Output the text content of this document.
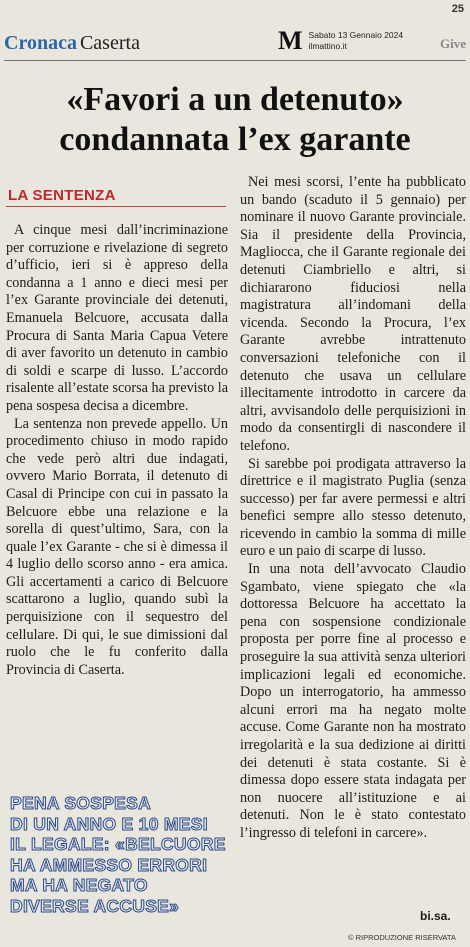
25
Give
Cronaca Caserta	M Sabato 13 Gennaio 2024
ilmattino.it
«Favori a un detenuto»
condannata l’ex garante
LA SENTENZA

A cinque mesi dall’incriminazione per corruzione e rivelazione di segreto d’ufficio, ieri si è appreso della condanna a 1 anno e dieci mesi per l’ex Garante provinciale dei detenuti, Emanuela Belcuore, accusata dalla Procura di Santa Maria Capua Vetere di aver favorito un detenuto in cambio di soldi e scarpe di lusso. L’accordo risalente all’estate scorsa ha previsto la pena sospesa decisa a dicembre.

La sentenza non prevede appello. Un procedimento chiuso in modo rapido che vede però altri due indagati, ovvero Mario Borrata, il detenuto di Casal di Principe con cui in passato la Belcuore ebbe una relazione e la sorella di quest’ultimo, Sara, con la quale l’ex Garante - che si è dimessa il 4 luglio dello scorso anno - era amica. Gli accertamenti a carico di Belcuore scattarono a luglio, quando subì la perquisizione con il sequestro del cellulare. Di qui, le sue dimissioni dal ruolo che le fu conferito dalla Provincia di Caserta.

Nei mesi scorsi, l’ente ha pubblicato un bando (scaduto il 5 gennaio) per nominare il nuovo Garante provinciale. Sia il presidente della Provincia, Magliocca, che il Garante regionale dei detenuti Ciambriello e altri, si dichiararono fiduciosi nella magistratura all’indomani della vicenda. Secondo la Procura, l’ex Garante avrebbe intrattenuto conversazioni telefoniche con il detenuto che usava un cellulare illecitamente introdotto in carcere da altri, avvisandolo delle perquisizioni in modo da consentirgli di nascondere il telefono.

Si sarebbe poi prodigata attraverso la direttrice e il magistrato Puglia (senza successo) per far avere permessi e altri benefici sempre allo stesso detenuto, ricevendo in cambio la somma di mille euro e un paio di scarpe di lusso.

In una nota dell’avvocato Claudio Sgambato, viene spiegato che «la dottoressa Belcuore ha accettato la pena con sospensione condizionale proposta per porre fine al processo e proseguire la sua attività senza ulteriori implicazioni legali ed economiche. Dopo un interrogatorio, ha ammesso alcuni errori ma ha negato molte accuse. Come Garante non ha mostrato irregolarità e la sua dedizione ai diritti dei detenuti è stata costante. Si è dimessa dopo essere stata indagata per non nuocere all’istituzione e ai detenuti. Non le è stato contestato l’ingresso di telefoni in carcere».

PENA SOSPESA
DI UN ANNO E 10 MESI
IL LEGALE: «BELCUORE
HA AMMESSO ERRORI
MA HA NEGATO
DIVERSE ACCUSE»
bi.sa.
© RIPRODUZIONE RISERVATA
